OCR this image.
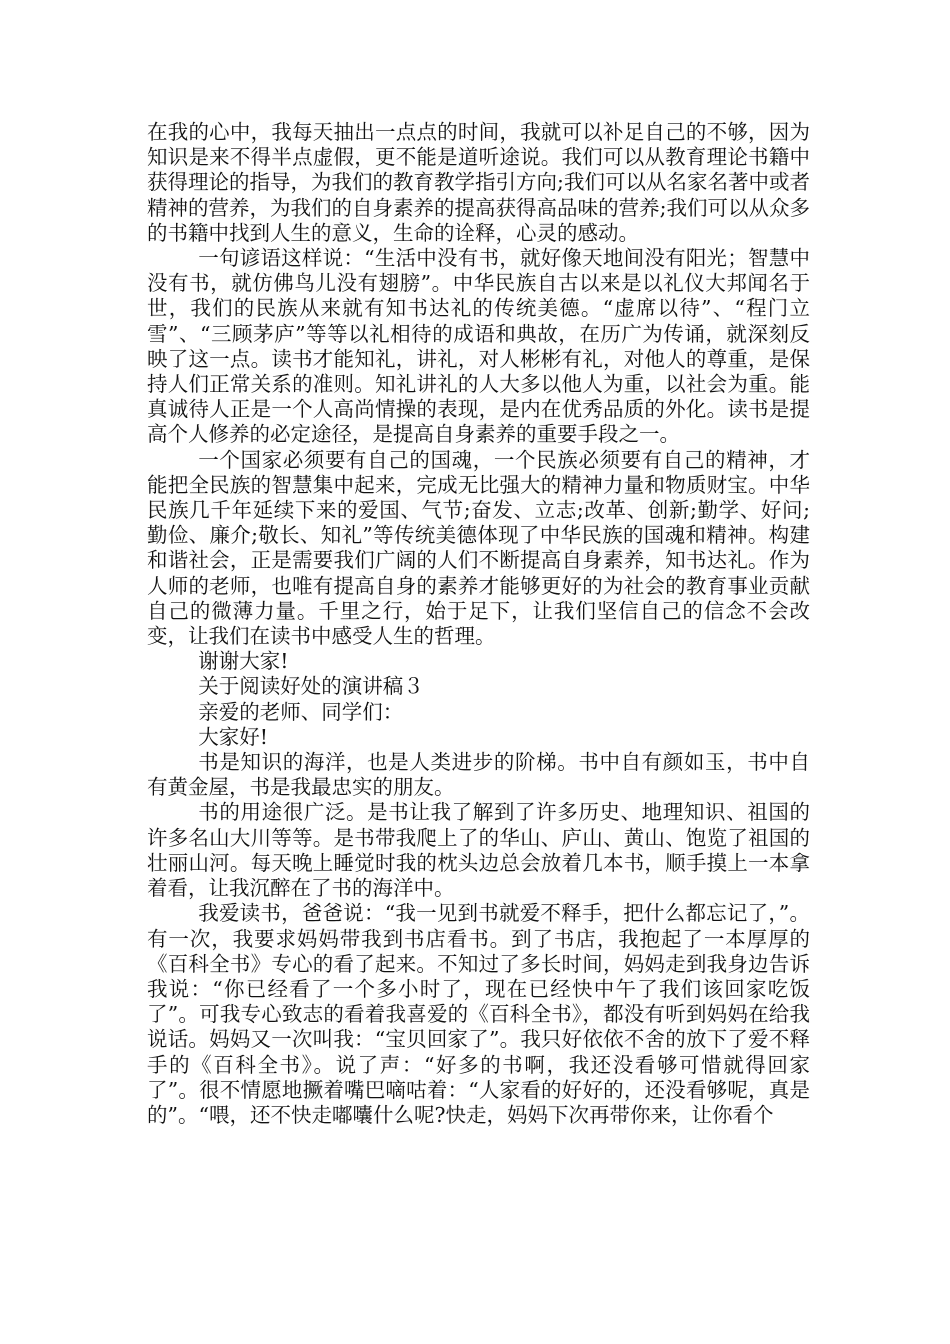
在我的心中，我每天抽出一点点的时间，我就可以补足自己的不够，因为知识是来不得半点虚假，更不能是道听途说。我们可以从教育理论书籍中获得理论的指导，为我们的教育教学指引方向;我们可以从名家名著中或者精神的营养，为我们的自身素养的提高获得高品味的营养;我们可以从众多的书籍中找到人生的意义，生命的诠释，心灵的感动。

一句谚语这样说：“生活中没有书，就好像天地间没有阳光；智慧中没有书，就仿佛鸟儿没有翅膀”。中华民族自古以来是以礼仪大邦闻名于世，我们的民族从来就有知书达礼的传统美德。“虚席以待”、“程门立雪”、“三顾茅庐”等等以礼相待的成语和典故，在历广为传诵，就深刻反映了这一点。读书才能知礼，讲礼，对人彬彬有礼，对他人的尊重，是保持人们正常关系的准则。知礼讲礼的人大多以他人为重，以社会为重。能真诚待人正是一个人高尚情操的表现，是内在优秀品质的外化。读书是提高个人修养的必定途径，是提高自身素养的重要手段之一。

一个国家必须要有自己的国魂，一个民族必须要有自己的精神，才能把全民族的智慧集中起来，完成无比强大的精神力量和物质财宝。中华民族几千年延续下来的爱国、气节;奋发、立志;改革、创新;勤学、好问;勤俭、廉介;敬长、知礼”等传统美德体现了中华民族的国魂和精神。构建和谐社会，正是需要我们广阔的人们不断提高自身素养，知书达礼。作为人师的老师，也唯有提高自身的素养才能够更好的为社会的教育事业贡献自己的微薄力量。千里之行，始于足下，让我们坚信自己的信念不会改变，让我们在读书中感受人生的哲理。

谢谢大家!

关于阅读好处的演讲稿３

亲爱的老师、同学们：

大家好!

书是知识的海洋，也是人类进步的阶梯。书中自有颜如玉，书中自有黄金屋，书是我最忠实的朋友。

书的用途很广泛。是书让我了解到了许多历史、地理知识、祖国的许多名山大川等等。是书带我爬上了的华山、庐山、黄山、饱览了祖国的壮丽山河。每天晚上睡觉时我的枕头边总会放着几本书，顺手摸上一本拿着看，让我沉醉在了书的海洋中。

我爱读书，爸爸说：“我一见到书就爱不释手，把什么都忘记了，”。有一次，我要求妈妈带我到书店看书。到了书店，我抱起了一本厚厚的《百科全书》专心的看了起来。不知过了多长时间，妈妈走到我身边告诉我说：“你已经看了一个多小时了，现在已经快中午了我们该回家吃饭了”。可我专心致志的看着我喜爱的《百科全书》，都没有听到妈妈在给我说话。妈妈又一次叫我：“宝贝回家了”。我只好依依不舍的放下了爱不释手的《百科全书》。说了声：“好多的书啊，我还没看够可惜就得回家了”。很不情愿地撅着嘴巴嘀咕着：“人家看的好好的，还没看够呢，真是的”。“喂，还不快走嘟囔什么呢?快走，妈妈下次再带你来，让你看个
